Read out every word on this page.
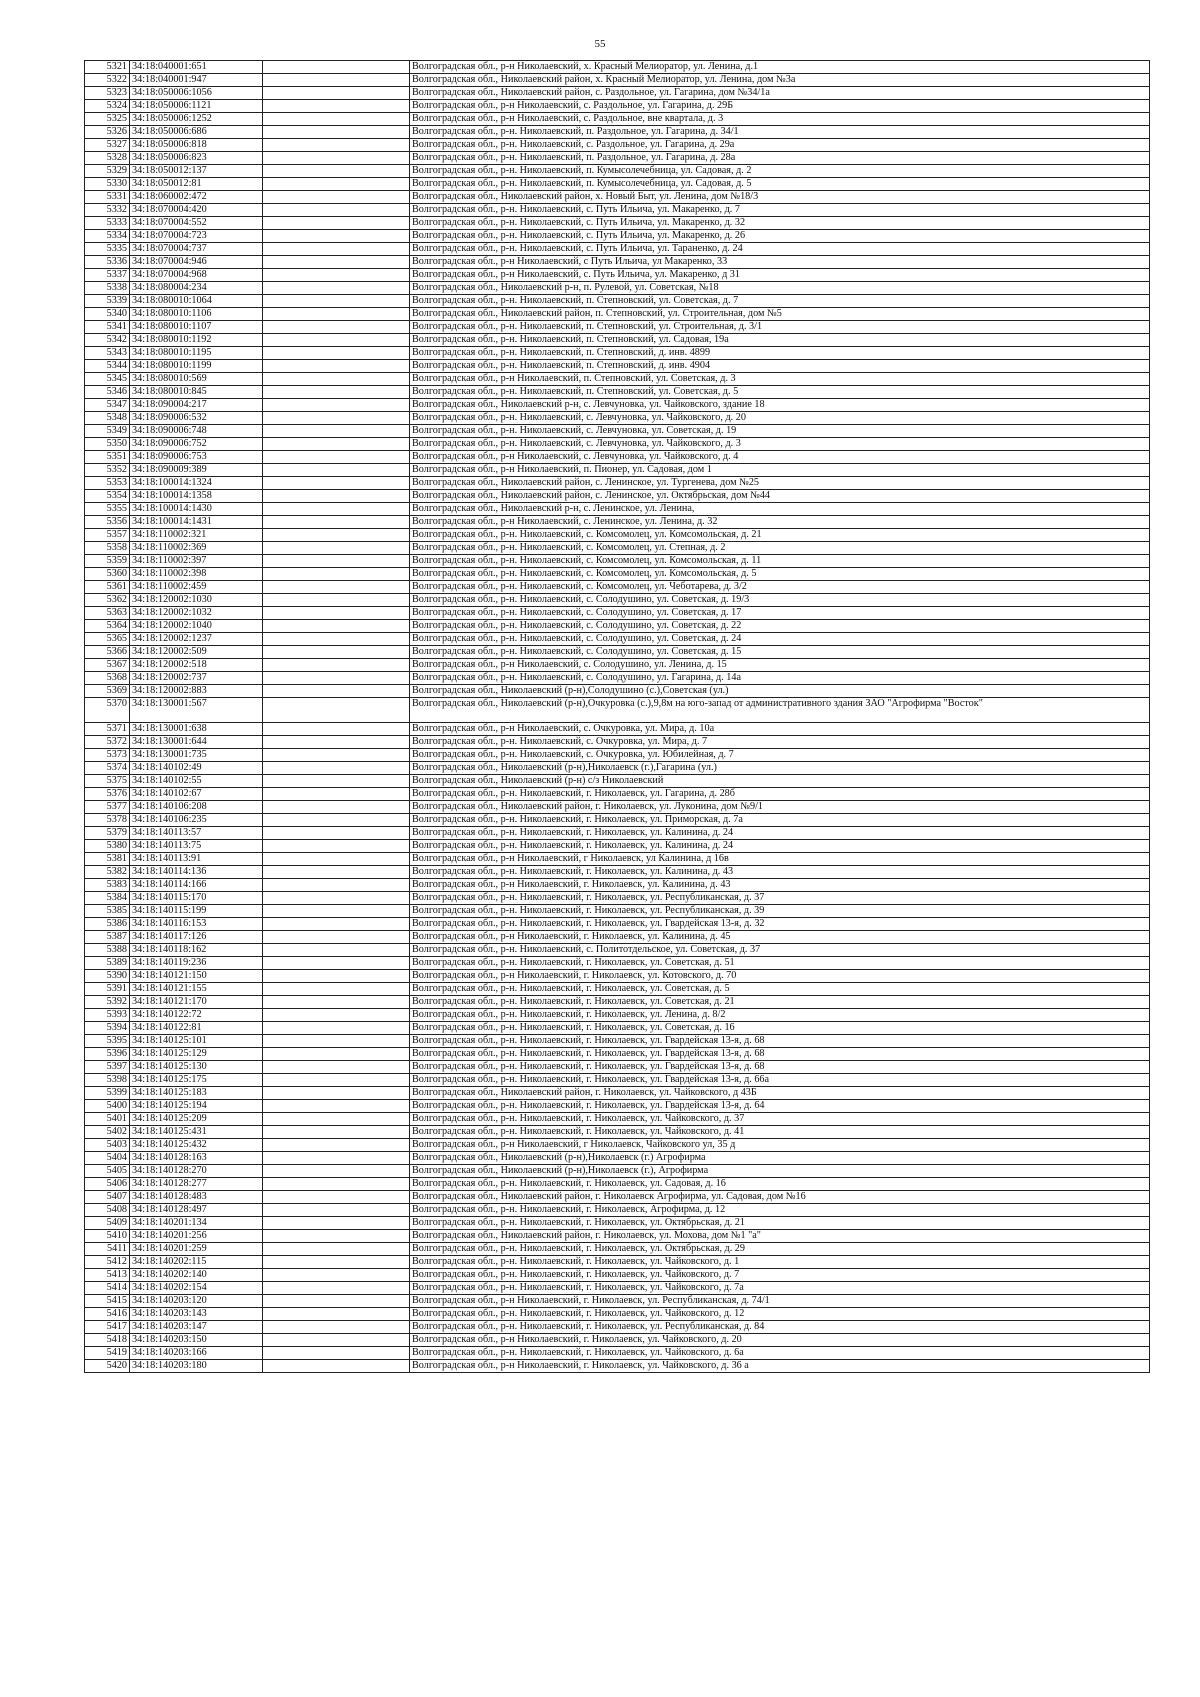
55
5321	34:18:040001:651		Волгоградская обл., р-н Николаевский, х. Красный Мелиоратор, ул. Ленина, д.1
5322	34:18:040001:947		Волгоградская обл., Николаевский район, х. Красный Мелиоратор, ул. Ленина, дом №3а
5323	34:18:050006:1056		Волгоградская обл., Николаевский район, с. Раздольное, ул. Гагарина, дом №34/1а
5324	34:18:050006:1121		Волгоградская обл., р-н Николаевский, с. Раздольное, ул. Гагарина, д. 29Б
5325	34:18:050006:1252		Волгоградская обл., р-н Николаевский, с. Раздольное, вне квартала, д. 3
5326	34:18:050006:686		Волгоградская обл., р-н. Николаевский, п. Раздольное, ул. Гагарина, д. 34/1
5327	34:18:050006:818		Волгоградская обл., р-н. Николаевский, с. Раздольное, ул. Гагарина, д. 29а
5328	34:18:050006:823		Волгоградская обл., р-н. Николаевский, п. Раздольное, ул. Гагарина, д. 28а
5329	34:18:050012:137		Волгоградская обл., р-н. Николаевский, п. Кумысолечебница, ул. Садовая, д. 2
5330	34:18:050012:81		Волгоградская обл., р-н. Николаевский, п. Кумысолечебница, ул. Садовая, д. 5
5331	34:18:060002:472		Волгоградская обл., Николаевский район, х. Новый Быт, ул. Ленина, дом №18/3
5332	34:18:070004:420		Волгоградская обл., р-н. Николаевский, с. Путь Ильича, ул. Макаренко, д. 7
5333	34:18:070004:552		Волгоградская обл., р-н. Николаевский, с. Путь Ильича, ул. Макаренко, д. 32
5334	34:18:070004:723		Волгоградская обл., р-н. Николаевский, с. Путь Ильича, ул. Макаренко, д. 26
5335	34:18:070004:737		Волгоградская обл., р-н. Николаевский, с. Путь Ильича, ул. Тараненко, д. 24
5336	34:18:070004:946		Волгоградская обл., р-н Николаевский, с Путь Ильича, ул Макаренко, 33
5337	34:18:070004:968		Волгоградская обл., р-н Николаевский, с. Путь Ильича, ул. Макаренко, д 31
5338	34:18:080004:234		Волгоградская обл., Николаевский р-н, п. Рулевой, ул. Советская, №18
5339	34:18:080010:1064		Волгоградская обл., р-н. Николаевский, п. Степновский, ул. Советская, д. 7
5340	34:18:080010:1106		Волгоградская обл., Николаевский район, п. Степновский, ул. Строительная, дом №5
5341	34:18:080010:1107		Волгоградская обл., р-н. Николаевский, п. Степновский, ул. Строительная, д. 3/1
5342	34:18:080010:1192		Волгоградская обл., р-н. Николаевский, п. Степновский, ул. Садовая, 19а
5343	34:18:080010:1195		Волгоградская обл., р-н. Николаевский, п. Степновский, д. инв. 4899
5344	34:18:080010:1199		Волгоградская обл., р-н. Николаевский, п. Степновский, д. инв. 4904
5345	34:18:080010:569		Волгоградская обл., р-н Николаевский, п. Степновский, ул. Советская, д. 3
5346	34:18:080010:845		Волгоградская обл., р-н. Николаевский, п. Степновский, ул. Советская, д. 5
5347	34:18:090004:217		Волгоградская обл., Николаевский р-н, с. Левчуновка, ул. Чайковского, здание 18
5348	34:18:090006:532		Волгоградская обл., р-н. Николаевский, с. Левчуновка, ул. Чайковского, д. 20
5349	34:18:090006:748		Волгоградская обл., р-н. Николаевский, с. Левчуновка, ул. Советская, д. 19
5350	34:18:090006:752		Волгоградская обл., р-н. Николаевский, с. Левчуновка, ул. Чайковского, д. 3
5351	34:18:090006:753		Волгоградская обл., р-н Николаевский, с. Левчуновка, ул. Чайковского, д. 4
5352	34:18:090009:389		Волгоградская обл., р-н Николаевский, п. Пионер, ул. Садовая, дом 1
5353	34:18:100014:1324		Волгоградская обл., Николаевский район, с. Ленинское, ул. Тургенева, дом №25
5354	34:18:100014:1358		Волгоградская обл., Николаевский район, с. Ленинское, ул. Октябрьская, дом №44
5355	34:18:100014:1430		Волгоградская обл., Николаевский р-н, с. Ленинское, ул. Ленина,
5356	34:18:100014:1431		Волгоградская обл., р-н Николаевский, с. Ленинское, ул. Ленина, д. 32
5357	34:18:110002:321		Волгоградская обл., р-н. Николаевский, с. Комсомолец, ул. Комсомольская, д. 21
5358	34:18:110002:369		Волгоградская обл., р-н. Николаевский, с. Комсомолец, ул. Степная, д. 2
5359	34:18:110002:397		Волгоградская обл., р-н. Николаевский, с. Комсомолец, ул. Комсомольская, д. 11
5360	34:18:110002:398		Волгоградская обл., р-н. Николаевский, с. Комсомолец, ул. Комсомольская, д. 5
5361	34:18:110002:459		Волгоградская обл., р-н. Николаевский, с. Комсомолец, ул. Чеботарева, д. 3/2
5362	34:18:120002:1030		Волгоградская обл., р-н. Николаевский, с. Солодушино, ул. Советская, д. 19/3
5363	34:18:120002:1032		Волгоградская обл., р-н. Николаевский, с. Солодушино, ул. Советская, д. 17
5364	34:18:120002:1040		Волгоградская обл., р-н. Николаевский, с. Солодушино, ул. Советская, д. 22
5365	34:18:120002:1237		Волгоградская обл., р-н. Николаевский, с. Солодушино, ул. Советская, д. 24
5366	34:18:120002:509		Волгоградская обл., р-н. Николаевский, с. Солодушино, ул. Советская, д. 15
5367	34:18:120002:518		Волгоградская обл., р-н Николаевский, с. Солодушино, ул. Ленина, д. 15
5368	34:18:120002:737		Волгоградская обл., р-н. Николаевский, с. Солодушино, ул. Гагарина, д. 14а
5369	34:18:120002:883		Волгоградская обл., Николаевский (р-н),Солодушино (с.),Советская (ул.)
5370	34:18:130001:567		Волгоградская обл., Николаевский (р-н),Очкуровка (с.),9,8м на юго-запад от административного здания ЗАО "Агрофирма "Восток"
5371	34:18:130001:638		Волгоградская обл., р-н Николаевский, с. Очкуровка, ул. Мира, д. 10а
5372	34:18:130001:644		Волгоградская обл., р-н. Николаевский, с. Очкуровка, ул. Мира, д. 7
5373	34:18:130001:735		Волгоградская обл., р-н. Николаевский, с. Очкуровка, ул. Юбилейная, д. 7
5374	34:18:140102:49		Волгоградская обл., Николаевский (р-н),Николаевск (г.),Гагарина (ул.)
5375	34:18:140102:55		Волгоградская обл., Николаевский (р-н) с/з Николаевский
5376	34:18:140102:67		Волгоградская обл., р-н. Николаевский, г. Николаевск, ул. Гагарина, д. 28б
5377	34:18:140106:208		Волгоградская обл., Николаевский район, г. Николаевск, ул. Луконина, дом №9/1
5378	34:18:140106:235		Волгоградская обл., р-н. Николаевский, г. Николаевск, ул. Приморская, д. 7а
5379	34:18:140113:57		Волгоградская обл., р-н. Николаевский, г. Николаевск, ул. Калинина, д. 24
5380	34:18:140113:75		Волгоградская обл., р-н. Николаевский, г. Николаевск, ул. Калинина, д. 24
5381	34:18:140113:91		Волгоградская обл., р-н Николаевский, г Николаевск, ул Калинина, д 16в
5382	34:18:140114:136		Волгоградская обл., р-н. Николаевский, г. Николаевск, ул. Калинина, д. 43
5383	34:18:140114:166		Волгоградская обл., р-н Николаевский, г. Николаевск, ул. Калинина, д. 43
5384	34:18:140115:170		Волгоградская обл., р-н. Николаевский, г. Николаевск, ул. Республиканская, д. 37
5385	34:18:140115:199		Волгоградская обл., р-н. Николаевский, г. Николаевск, ул. Республиканская, д. 39
5386	34:18:140116:153		Волгоградская обл., р-н. Николаевский, г. Николаевск, ул. Гвардейская 13-я, д. 32
5387	34:18:140117:126		Волгоградская обл., р-н Николаевский, г. Николаевск, ул. Калинина, д. 45
5388	34:18:140118:162		Волгоградская обл., р-н. Николаевский, с. Политотдельское, ул. Советская, д. 37
5389	34:18:140119:236		Волгоградская обл., р-н. Николаевский, г. Николаевск, ул. Советская, д. 51
5390	34:18:140121:150		Волгоградская обл., р-н Николаевский, г. Николаевск, ул. Котовского, д. 70
5391	34:18:140121:155		Волгоградская обл., р-н. Николаевский, г. Николаевск, ул. Советская, д. 5
5392	34:18:140121:170		Волгоградская обл., р-н. Николаевский, г. Николаевск, ул. Советская, д. 21
5393	34:18:140122:72		Волгоградская обл., р-н. Николаевский, г. Николаевск, ул. Ленина, д. 8/2
5394	34:18:140122:81		Волгоградская обл., р-н. Николаевский, г. Николаевск, ул. Советская, д. 16
5395	34:18:140125:101		Волгоградская обл., р-н. Николаевский, г. Николаевск, ул. Гвардейская 13-я, д. 68
5396	34:18:140125:129		Волгоградская обл., р-н. Николаевский, г. Николаевск, ул. Гвардейская 13-я, д. 68
5397	34:18:140125:130		Волгоградская обл., р-н. Николаевский, г. Николаевск, ул. Гвардейская 13-я, д. 68
5398	34:18:140125:175		Волгоградская обл., р-н. Николаевский, г. Николаевск, ул. Гвардейская 13-я, д. 66а
5399	34:18:140125:183		Волгоградская обл., Николаевский район, г. Николаевск, ул. Чайковского, д 43Б
5400	34:18:140125:194		Волгоградская обл., р-н. Николаевский, г. Николаевск, ул. Гвардейская 13-я, д. 64
5401	34:18:140125:209		Волгоградская обл., р-н. Николаевский, г. Николаевск, ул. Чайковского, д. 37
5402	34:18:140125:431		Волгоградская обл., р-н. Николаевский, г. Николаевск, ул. Чайковского, д. 41
5403	34:18:140125:432		Волгоградская обл., р-н Николаевский, г Николаевск, Чайковского ул, 35 д
5404	34:18:140128:163		Волгоградская обл., Николаевский (р-н),Николаевск (г.) Агрофирма
5405	34:18:140128:270		Волгоградская обл., Николаевский (р-н),Николаевск (г.), Агрофирма
5406	34:18:140128:277		Волгоградская обл., р-н. Николаевский, г. Николаевск, ул. Садовая, д. 16
5407	34:18:140128:483		Волгоградская обл., Николаевский район, г. Николаевск Агрофирма, ул. Садовая, дом №16
5408	34:18:140128:497		Волгоградская обл., р-н. Николаевский, г. Николаевск, Агрофирма, д. 12
5409	34:18:140201:134		Волгоградская обл., р-н. Николаевский, г. Николаевск, ул. Октябрьская, д. 21
5410	34:18:140201:256		Волгоградская обл., Николаевский район, г. Николаевск, ул. Мохова, дом №1 "а"
5411	34:18:140201:259		Волгоградская обл., р-н. Николаевский, г. Николаевск, ул. Октябрьская, д. 29
5412	34:18:140202:115		Волгоградская обл., р-н. Николаевский, г. Николаевск, ул. Чайковского, д. 1
5413	34:18:140202:140		Волгоградская обл., р-н. Николаевский, г. Николаевск, ул. Чайковского, д. 7
5414	34:18:140202:154		Волгоградская обл., р-н. Николаевский, г. Николаевск, ул. Чайковского, д. 7а
5415	34:18:140203:120		Волгоградская обл., р-н Николаевский, г. Николаевск, ул. Республиканская, д. 74/1
5416	34:18:140203:143		Волгоградская обл., р-н. Николаевский, г. Николаевск, ул. Чайковского, д. 12
5417	34:18:140203:147		Волгоградская обл., р-н. Николаевский, г. Николаевск, ул. Республиканская, д. 84
5418	34:18:140203:150		Волгоградская обл., р-н Николаевский, г. Николаевск, ул. Чайковского, д. 20
5419	34:18:140203:166		Волгоградская обл., р-н. Николаевский, г. Николаевск, ул. Чайковского, д. 6а
5420	34:18:140203:180		Волгоградская обл., р-н Николаевский, г. Николаевск, ул. Чайковского, д. 36 а
